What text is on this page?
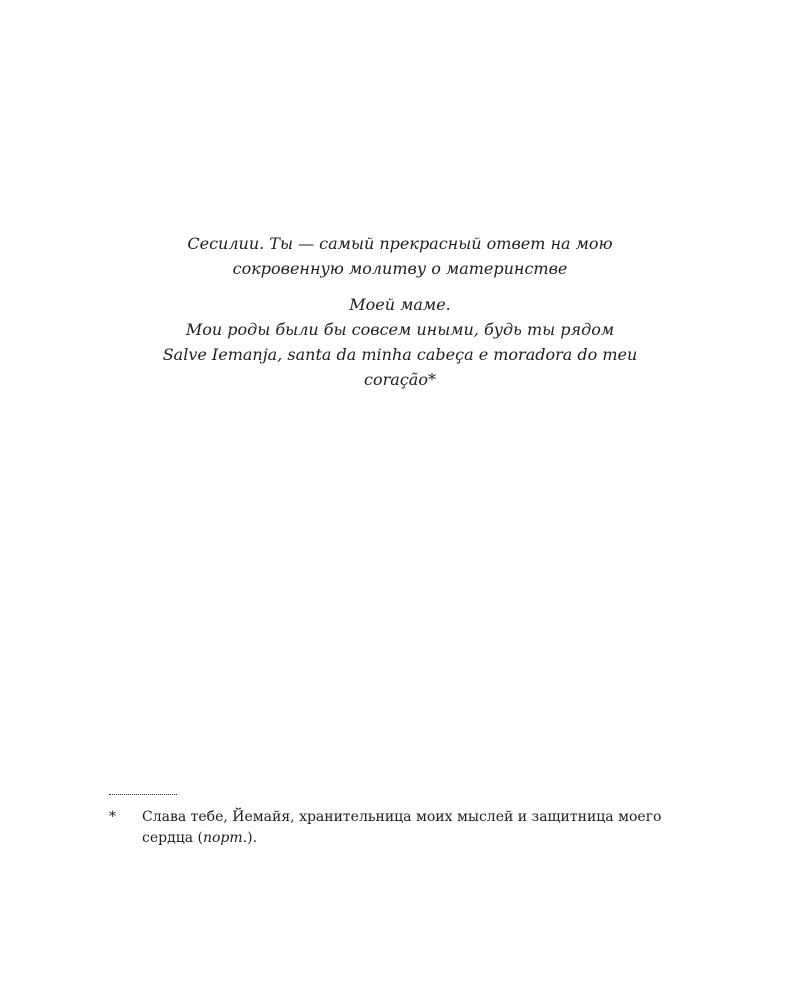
Сесилии. Ты — самый прекрасный ответ на мою

сокровенную молитву о материнстве

Моей маме.

Мои роды были бы совсем иными, будь ты рядом

Salve Iemanja, santa da minha cabeça e moradora do meu

coração*

* Слава тебе, Йемайя, хранительница моих мыслей и защитница моего сердца (порт.).
